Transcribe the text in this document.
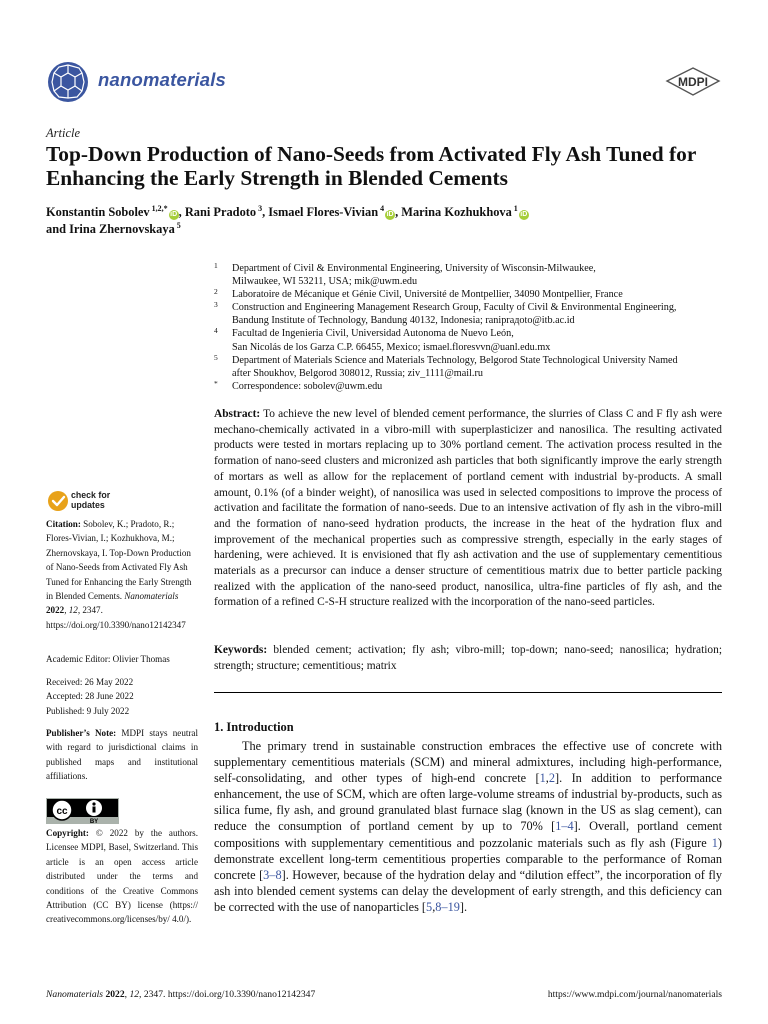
nanomaterials	MDPI
Article
Top-Down Production of Nano-Seeds from Activated Fly Ash Tuned for Enhancing the Early Strength in Blended Cements
Konstantin Sobolev $^{1,2,*}$iD , Rani Pradoto $^3$, Ismael Flores-Vivian $^4$iD , Marina Kozhukhova $^1$iD
and Irina Zhernovskaya $^5$
1 Department of Civil & Environmental Engineering, University of Wisconsin-Milwaukee,
Milwaukee, WI 53211, USA; mik@uwm.edu
2 Laboratoire de Mécanique et Génie Civil, Université de Montpellier, 34090 Montpellier, France
3 Construction and Engineering Management Research Group, Faculty of Civil & Environmental Engineering,
Bandung Institute of Technology, Bandung 40132, Indonesia; raniprадoto@itb.ac.id
4 Facultad de Ingenieria Civil, Universidad Autonoma de Nuevo León,
San Nicolás de los Garza C.P. 66455, Mexico; ismael.floresvvn@uanl.edu.mx
5 Department of Materials Science and Materials Technology, Belgorod State Technological University Named
after Shoukhov, Belgorod 308012, Russia; ziv_1111@mail.ru
* Correspondence: sobolev@uwm.edu
Abstract: To achieve the new level of blended cement performance, the slurries of Class C and F fly ash were mechano-chemically activated in a vibro-mill with superplasticizer and nanosilica. The resulting activated products were tested in mortars replacing up to 30% portland cement. The activation process resulted in the formation of nano-seed clusters and micronized ash particles that both significantly improve the early strength of mortars as well as allow for the replacement of portland cement with industrial by-products. A small amount, 0.1% (of a binder weight), of nanosilica was used in selected compositions to improve the process of activation and facilitate the formation of nano-seeds. Due to an intensive activation of fly ash in the vibro-mill and the formation of nano-seed hydration products, the increase in the heat of the hydration flux and improvement of the mechanical properties such as compressive strength, especially in the early stages of hardening, were achieved. It is envisioned that fly ash activation and the use of supplementary cementitious materials as a precursor can induce a denser structure of cementitious matrix due to better particle packing realized with the application of the nano-seed product, nanosilica, ultra-fine particles of fly ash, and the formation of a refined C-S-H structure realized with the incorporation of the nano-seed particles.
Keywords: blended cement; activation; fly ash; vibro-mill; top-down; nano-seed; nanosilica; hydration; strength; structure; cementitious; matrix
1. Introduction
The primary trend in sustainable construction embraces the effective use of concrete with supplementary cementitious materials (SCM) and mineral admixtures, including high-performance, self-consolidating, and other types of high-end concrete [1,2]. In addition to performance enhancement, the use of SCM, which are often large-volume streams of industrial by-products, such as silica fume, fly ash, and ground granulated blast furnace slag (known in the US as slag cement), can reduce the consumption of portland cement by up to 70% [1–4]. Overall, portland cement compositions with supplementary cementitious and pozzolanic materials such as fly ash (Figure 1) demonstrate excellent long-term cementitious properties comparable to the performance of Roman concrete [3–8]. However, because of the hydration delay and “dilution effect”, the incorporation of fly ash into blended cement systems can delay the development of early strength, and this deficiency can be corrected with the use of nanoparticles [5,8–19].
check for
updates
Citation: Sobolev, K.; Pradoto, R.; Flores-Vivian, I.; Kozhukhova, M.; Zhernovskaya, I. Top-Down Production of Nano-Seeds from Activated Fly Ash Tuned for Enhancing the Early Strength in Blended Cements. Nanomaterials 2022, 12, 2347. https://doi.org/10.3390/nano12142347
Academic Editor: Olivier Thomas
Received: 26 May 2022
Accepted: 28 June 2022
Published: 9 July 2022
Publisher’s Note: MDPI stays neutral with regard to jurisdictional claims in published maps and institutional affiliations.
cc
BY
Copyright: © 2022 by the authors. Licensee MDPI, Basel, Switzerland. This article is an open access article distributed under the terms and conditions of the Creative Commons Attribution (CC BY) license (https:// creativecommons.org/licenses/by/ 4.0/).
Nanomaterials 2022, 12, 2347. https://doi.org/10.3390/nano12142347	https://www.mdpi.com/journal/nanomaterials
